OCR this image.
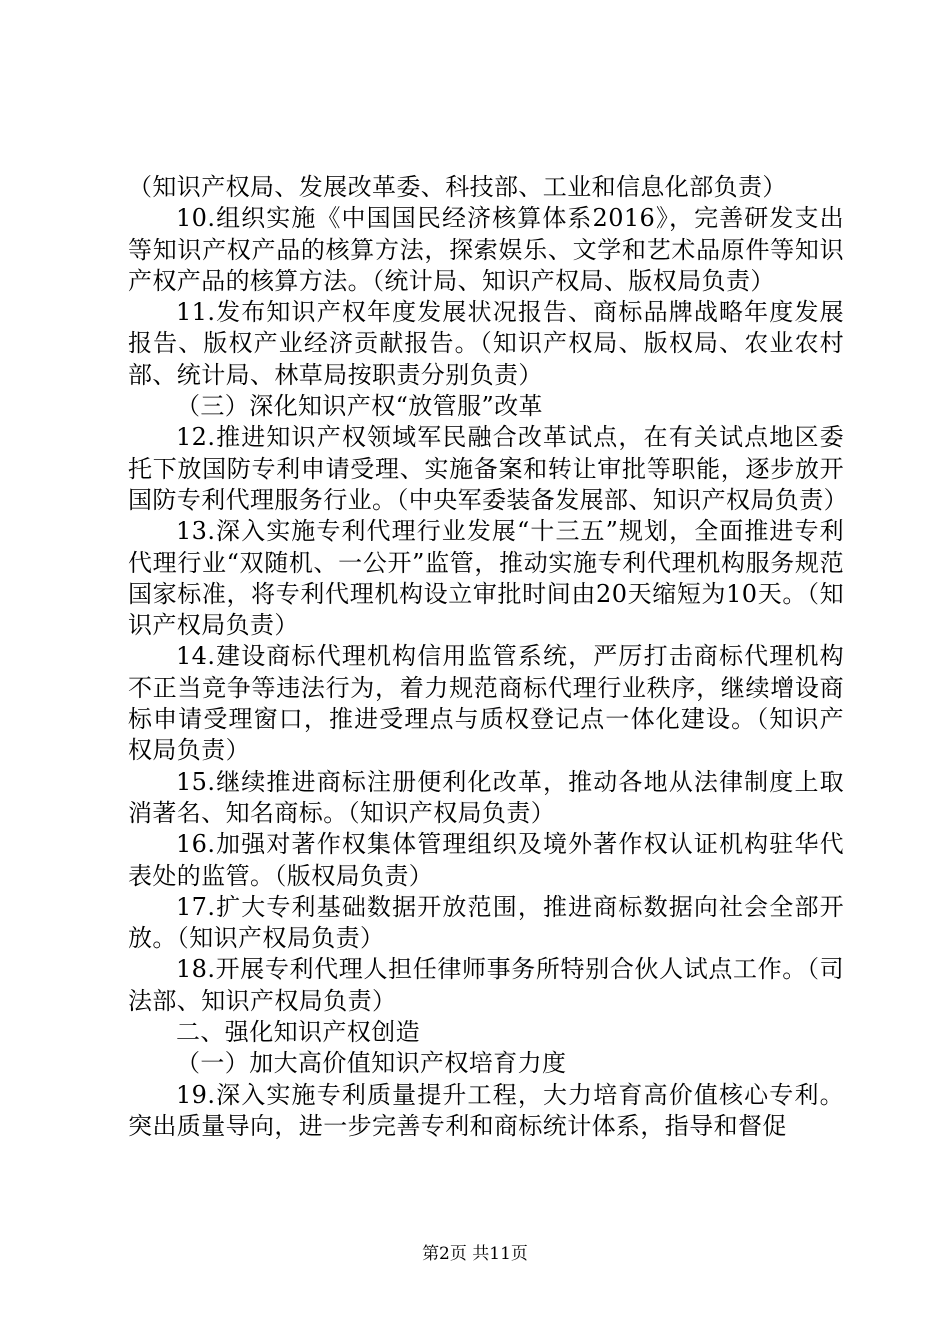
（知识产权局、发展改革委、科技部、工业和信息化部负责）

10.组织实施《中国国民经济核算体系2016》，完善研发支出等知识产权产品的核算方法，探索娱乐、文学和艺术品原件等知识产权产品的核算方法。（统计局、知识产权局、版权局负责）

11.发布知识产权年度发展状况报告、商标品牌战略年度发展报告、版权产业经济贡献报告。（知识产权局、版权局、农业农村部、统计局、林草局按职责分别负责）

（三）深化知识产权“放管服”改革

12.推进知识产权领域军民融合改革试点，在有关试点地区委托下放国防专利申请受理、实施备案和转让审批等职能，逐步放开国防专利代理服务行业。（中央军委装备发展部、知识产权局负责）

13.深入实施专利代理行业发展“十三五”规划，全面推进专利代理行业“双随机、一公开”监管，推动实施专利代理机构服务规范国家标准，将专利代理机构设立审批时间由20天缩短为10天。（知识产权局负责）

14.建设商标代理机构信用监管系统，严厉打击商标代理机构不正当竞争等违法行为，着力规范商标代理行业秩序，继续增设商标申请受理窗口，推进受理点与质权登记点一体化建设。（知识产权局负责）

15.继续推进商标注册便利化改革，推动各地从法律制度上取消著名、知名商标。（知识产权局负责）

16.加强对著作权集体管理组织及境外著作权认证机构驻华代表处的监管。（版权局负责）

17.扩大专利基础数据开放范围，推进商标数据向社会全部开放。（知识产权局负责）

18.开展专利代理人担任律师事务所特别合伙人试点工作。（司法部、知识产权局负责）

二、强化知识产权创造

（一）加大高价值知识产权培育力度

19.深入实施专利质量提升工程，大力培育高价值核心专利。突出质量导向，进一步完善专利和商标统计体系，指导和督促

第2页 共11页
